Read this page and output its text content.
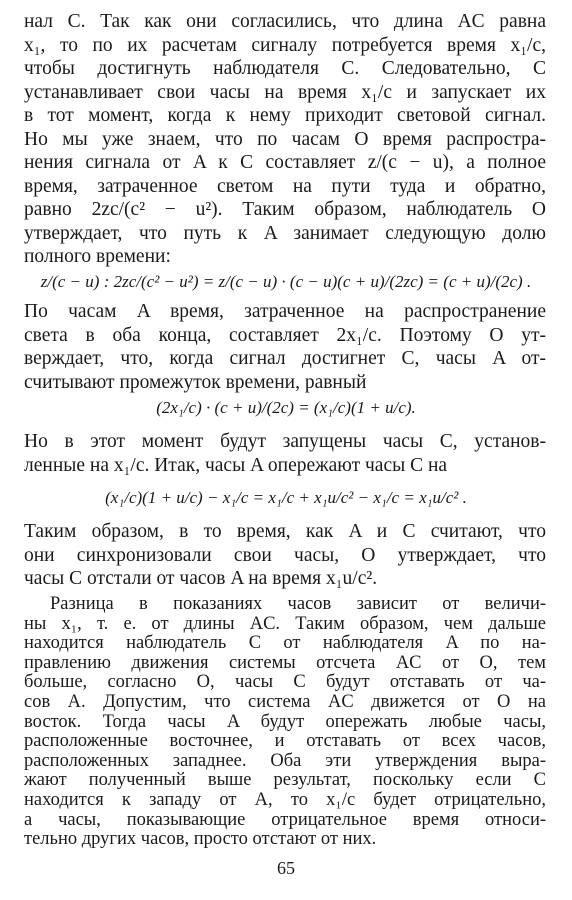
нал C. Так как они согласились, что длина AC равна
x₁, то по их расчетам сигналу потребуется время x₁/c,
чтобы достигнуть наблюдателя C. Следовательно, C
устанавливает свои часы на время x₁/c и запускает их
в тот момент, когда к нему приходит световой сигнал.
Но мы уже знаем, что по часам O время распростра-
нения сигнала от A к C составляет z/(c − u), а полное
время, затраченное светом на пути туда и обратно,
равно 2zc/(c² − u²). Таким образом, наблюдатель O
утверждает, что путь к A занимает следующую долю
полного времени:
z/(c − u) : 2zc/(c² − u²) = z/(c − u) · (c − u)(c + u)/(2zc) = (c + u)/(2c) .
По часам A время, затраченное на распространение
света в оба конца, составляет 2x₁/c. Поэтому O ут-
верждает, что, когда сигнал достигнет C, часы A от-
считывают промежуток времени, равный
(2x₁/c) · (c + u)/(2c) = (x₁/c)(1 + u/c).
Но в этот момент будут запущены часы C, установ-
ленные на x₁/c. Итак, часы A опережают часы C на
(x₁/c)(1 + u/c) − x₁/c = x₁/c + x₁u/c² − x₁/c = x₁u/c² .
Таким образом, в то время, как A и C считают, что
они синхронизовали свои часы, O утверждает, что
часы C отстали от часов A на время x₁u/c².
Разница в показаниях часов зависит от величи-
ны x₁, т. е. от длины AC. Таким образом, чем дальше
находится наблюдатель C от наблюдателя A по на-
правлению движения системы отсчета AC от O, тем
больше, согласно O, часы C будут отставать от ча-
сов A. Допустим, что система AC движется от O на
восток. Тогда часы A будут опережать любые часы,
расположенные восточнее, и отставать от всех часов,
расположенных западнее. Оба эти утверждения выра-
жают полученный выше результат, поскольку если C
находится к западу от A, то x₁/c будет отрицательно,
а часы, показывающие отрицательное время относи-
тельно других часов, просто отстают от них.
65
